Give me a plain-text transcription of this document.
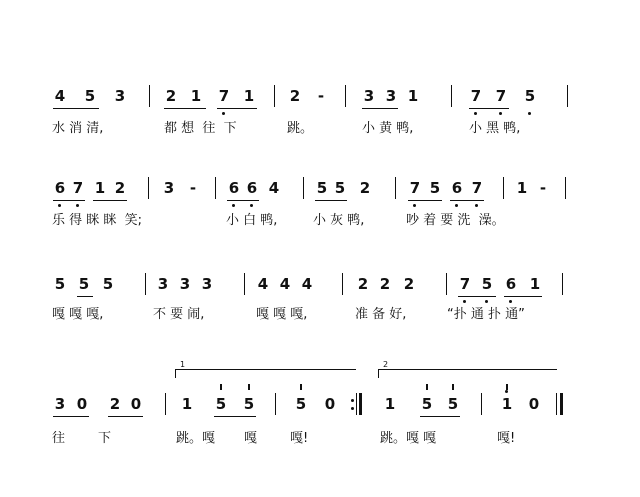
4 5 3	2 1 7 1 2 -	3 3 1	7 7 5
水 消 清,	都 想  往  下	跳。	小 黄 鸭,	小 黑 鸭,
6 7 1 2	3 - 6 6 4	5 5 2	7 5 6 7 1 -
乐 得 眯 眯  笑;	小 白 鸭,	小 灰 鸭,	吵 着 要 洗  澡。
5 5 5	3 3 3	4 4 4	2 2 2	7 5 6 1
嘎 嘎 嘎,	不 要 闹,	嘎 嘎 嘎,	准 备 好,	“扑 通 扑 通”
1	2
3 0 2 0	1 5 5	5 0	1 5 5	1 0
往	下	跳。嘎 嘎	嘎!	跳。嘎 嘎	嘎!
